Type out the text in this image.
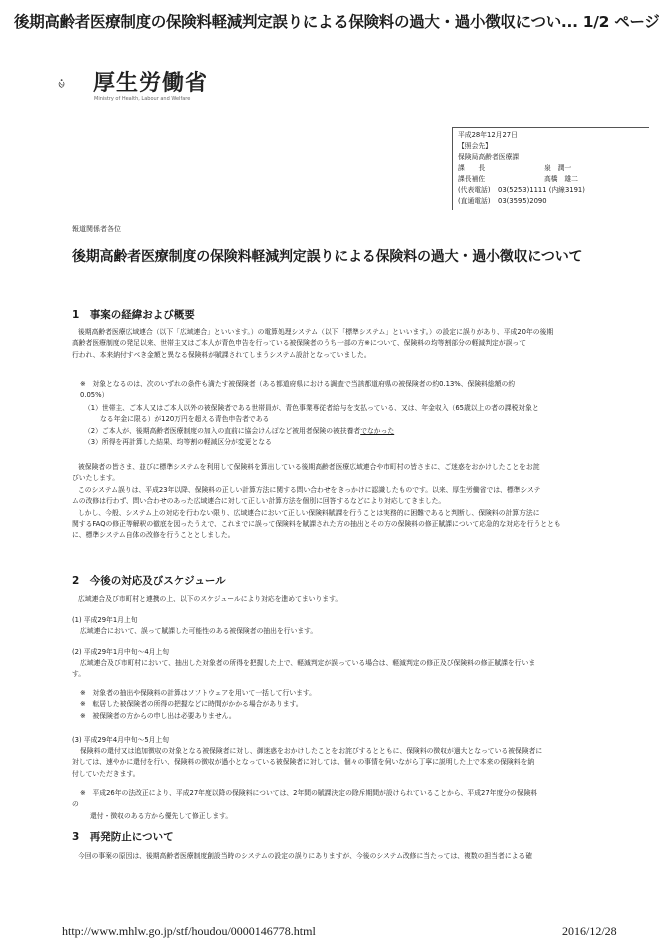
後期高齢者医療制度の保険料軽減判定誤りによる保険料の過大・過小徴収につい... 1/2 ページ
厚生労働省
Ministry of Health, Labour and Welfare
平成28年12月27日
【照会先】
保険局高齢者医療課
課　　長	泉　潤一
課長補佐	高橋　雄二
(代表電話) 03(5253)1111 (内線3191)
(直通電話) 03(3595)2090
報道関係者各位
後期高齢者医療制度の保険料軽減判定誤りによる保険料の過大・過小徴収について
1　事案の経緯および概要
後期高齢者医療広域連合（以下「広域連合」といいます。）の電算処理システム（以下「標準システム」といいます。）の設定に誤りがあり、平成20年の後期
高齢者医療制度の発足以来、世帯主又はご本人が青色申告を行っている被保険者のうち一部の方※について、保険料の均等割部分の軽減判定が誤って
行われ、本来納付すべき金額と異なる保険料が賦課されてしまうシステム設計となっていました。
※　対象となるのは、次のいずれの条件も満たす被保険者（ある都道府県における調査で当該都道府県の被保険者の約0.13%、保険料総額の約
0.05%）
（1）世帯主、ご本人又はご本人以外の被保険者である世帯員が、青色事業専従者給与を支払っている、又は、年金収入（65歳以上の者の課税対象と
なる年金に限る）が120万円を超える青色申告者である
（2）ご本人が、後期高齢者医療制度の加入の直前に協会けんぽなど被用者保険の被扶養者でなかった
（3）所得を再計算した結果、均等割の軽減区分が変更となる
被保険者の皆さま、並びに標準システムを利用して保険料を算出している後期高齢者医療広域連合や市町村の皆さまに、ご迷惑をおかけしたことをお詫
びいたします。
このシステム誤りは、平成23年以降、保険料の正しい計算方法に関する問い合わせをきっかけに認識したものです。以来、厚生労働省では、標準システ
ムの改修は行わず、問い合わせのあった広域連合に対して正しい計算方法を個別に回答するなどにより対応してきました。
しかし、今般、システム上の対応を行わない限り、広域連合において正しい保険料賦課を行うことは実務的に困難であると判断し、保険料の計算方法に
関するFAQの修正等解釈の徹底を図ったうえで、これまでに誤って保険料を賦課された方の抽出とその方の保険料の修正賦課について応急的な対応を行うととも
に、標準システム自体の改修を行うこととしました。
2　今後の対応及びスケジュール
広域連合及び市町村と連携の上、以下のスケジュールにより対応を進めてまいります。
(1) 平成29年1月上旬
広域連合において、誤って賦課した可能性のある被保険者の抽出を行います。
(2) 平成29年1月中旬～4月上旬
広域連合及び市町村において、抽出した対象者の所得を把握した上で、軽減判定が誤っている場合は、軽減判定の修正及び保険料の修正賦課を行いま
す。
※　対象者の抽出や保険料の計算はソフトウェアを用いて一括して行います。
※　転居した被保険者の所得の把握などに時間がかかる場合があります。
※　被保険者の方からの申し出は必要ありません。
(3) 平成29年4月中旬～5月上旬
保険料の還付又は追加徴収の対象となる被保険者に対し、御迷惑をおかけしたことをお詫びするとともに、保険料の徴収が過大となっている被保険者に
対しては、速やかに還付を行い、保険料の徴収が過小となっている被保険者に対しては、個々の事情を伺いながら丁寧に説明した上で本来の保険料を納
付していただきます。
※　平成26年の法改正により、平成27年度以降の保険料については、2年間の賦課決定の除斥期間が設けられていることから、平成27年度分の保険料
の
還付・徴収のある方から優先して修正します。
3　再発防止について
今回の事案の原因は、後期高齢者医療制度創設当時のシステムの設定の誤りにありますが、今後のシステム改修に当たっては、複数の担当者による確
http://www.mhlw.go.jp/stf/houdou/0000146778.html	2016/12/28
